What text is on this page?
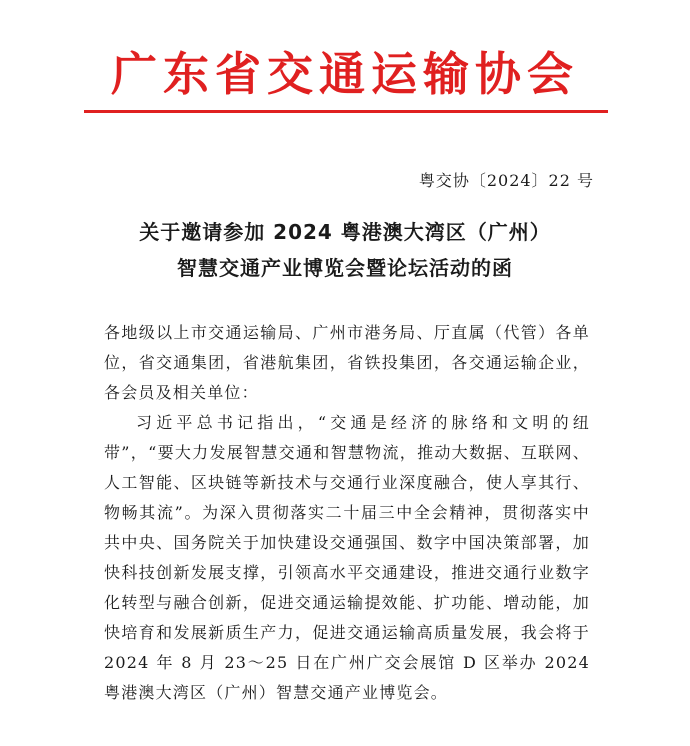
广东省交通运输协会
粤交协〔2024〕22 号
关于邀请参加 2024 粤港澳大湾区（广州）
智慧交通产业博览会暨论坛活动的函

各地级以上市交通运输局、广州市港务局、厅直属（代管）各单位，省交通集团，省港航集团，省铁投集团，各交通运输企业，各会员及相关单位：

习近平总书记指出，“交通是经济的脉络和文明的纽带”，“要大力发展智慧交通和智慧物流，推动大数据、互联网、人工智能、区块链等新技术与交通行业深度融合，使人享其行、物畅其流”。为深入贯彻落实二十届三中全会精神，贯彻落实中共中央、国务院关于加快建设交通强国、数字中国决策部署，加快科技创新发展支撑，引领高水平交通建设，推进交通行业数字化转型与融合创新，促进交通运输提效能、扩功能、增动能，加快培育和发展新质生产力，促进交通运输高质量发展，我会将于 2024 年 8 月 23～25 日在广州广交会展馆 D 区举办 2024 粤港澳大湾区（广州）智慧交通产业博览会。
